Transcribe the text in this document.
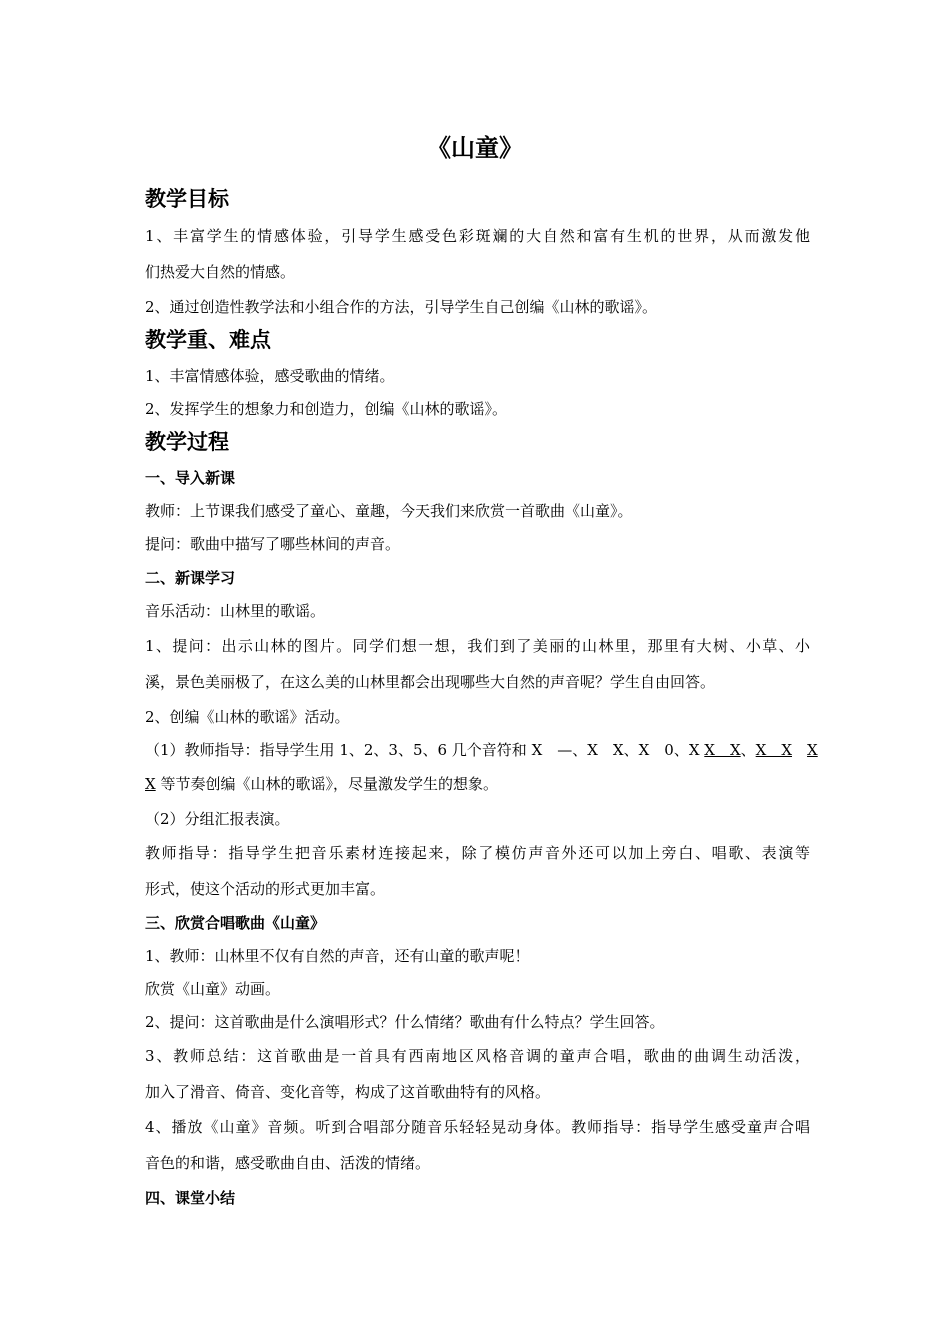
《山童》
教学目标
1、丰富学生的情感体验，引导学生感受色彩斑斓的大自然和富有生机的世界，从而激发他
们热爱大自然的情感。
2、通过创造性教学法和小组合作的方法，引导学生自己创编《山林的歌谣》。
教学重、难点
1、丰富情感体验，感受歌曲的情绪。
2、发挥学生的想象力和创造力，创编《山林的歌谣》。
教学过程
一、导入新课
教师：上节课我们感受了童心、童趣，今天我们来欣赏一首歌曲《山童》。
提问：歌曲中描写了哪些林间的声音。
二、新课学习
音乐活动：山林里的歌谣。
1、提问：出示山林的图片。同学们想一想，我们到了美丽的山林里，那里有大树、小草、小
溪，景色美丽极了，在这么美的山林里都会出现哪些大自然的声音呢？学生自由回答。
2、创编《山林的歌谣》活动。
（1）教师指导：指导学生用 1、2、3、5、6 几个音符和 X　—、X　X、X　0、X X　X、X　X　 X
X 等节奏创编《山林的歌谣》，尽量激发学生的想象。
（2）分组汇报表演。
教师指导：指导学生把音乐素材连接起来，除了模仿声音外还可以加上旁白、唱歌、表演等
形式，使这个活动的形式更加丰富。
三、欣赏合唱歌曲《山童》
1、教师：山林里不仅有自然的声音，还有山童的歌声呢！
欣赏《山童》动画。
2、提问：这首歌曲是什么演唱形式？什么情绪？歌曲有什么特点？学生回答。
3、教师总结：这首歌曲是一首具有西南地区风格音调的童声合唱，歌曲的曲调生动活泼，
加入了滑音、倚音、变化音等，构成了这首歌曲特有的风格。
4、播放《山童》音频。听到合唱部分随音乐轻轻晃动身体。教师指导：指导学生感受童声合唱
音色的和谐，感受歌曲自由、活泼的情绪。
四、课堂小结
